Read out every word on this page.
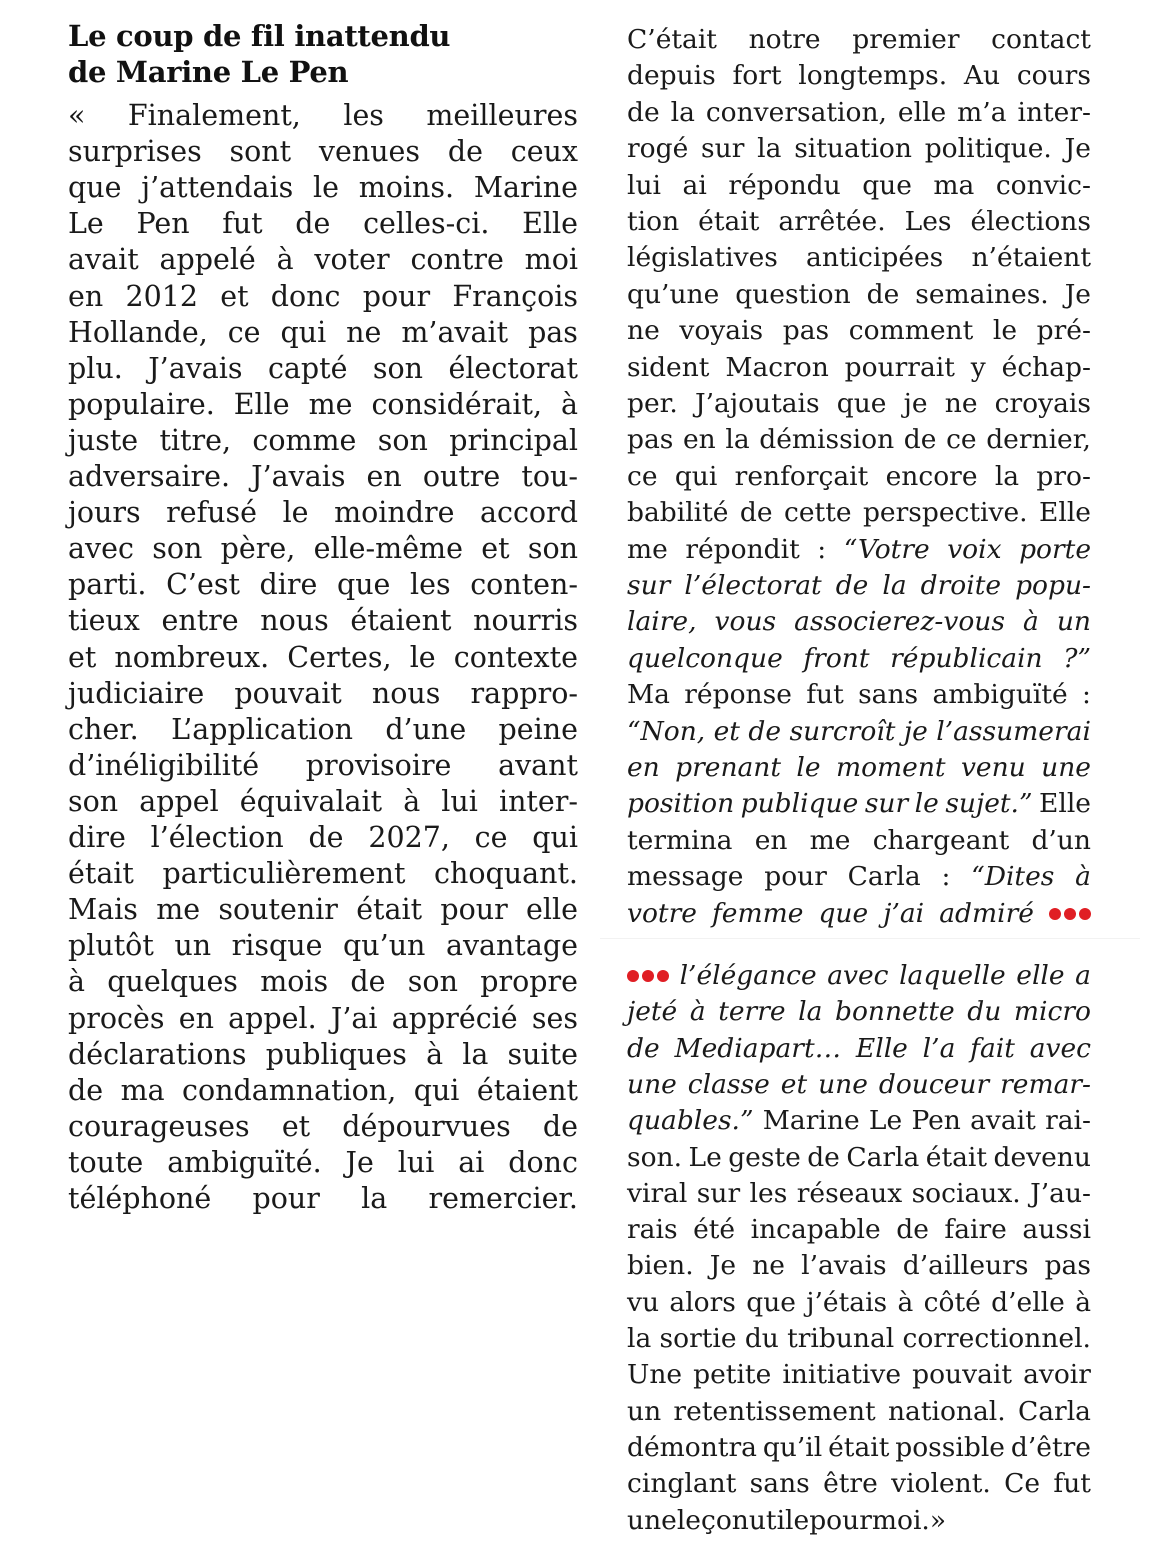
Le coup de fil inattendu
de Marine Le Pen
« Finalement, les meilleures
surprises sont venues de ceux
que j’attendais le moins. Marine
Le Pen fut de celles-ci. Elle
avait appelé à voter contre moi
en 2012 et donc pour François
Hollande, ce qui ne m’avait pas
plu. J’avais capté son électorat
populaire. Elle me considérait, à
juste titre, comme son principal
adversaire. J’avais en outre tou-
jours refusé le moindre accord
avec son père, elle-même et son
parti. C’est dire que les conten-
tieux entre nous étaient nourris
et nombreux. Certes, le contexte
judiciaire pouvait nous rappro-
cher. L’application d’une peine
d’inéligibilité provisoire avant
son appel équivalait à lui inter-
dire l’élection de 2027, ce qui
était particulièrement choquant.
Mais me soutenir était pour elle
plutôt un risque qu’un avantage
à quelques mois de son propre
procès en appel. J’ai apprécié ses
déclarations publiques à la suite
de ma condamnation, qui étaient
courageuses et dépourvues de
toute ambiguïté. Je lui ai donc
téléphoné pour la remercier.
C’était notre premier contact
depuis fort longtemps. Au cours
de la conversation, elle m’a inter-
rogé sur la situation politique. Je
lui ai répondu que ma convic-
tion était arrêtée. Les élections
législatives anticipées n’étaient
qu’une question de semaines. Je
ne voyais pas comment le pré-
sident Macron pourrait y échap-
per. J’ajoutais que je ne croyais
pas en la démission de ce dernier,
ce qui renforçait encore la pro-
babilité de cette perspective. Elle
me répondit : “Votre voix porte
sur l’électorat de la droite popu-
laire, vous associerez-vous à un
quelconque front républicain ?”
Ma réponse fut sans ambiguïté :
“Non, et de surcroît je l’assumerai
en prenant le moment venu une
position publique sur le sujet.” Elle
termina en me chargeant d’un
message pour Carla : “Dites à
votre femme que j’ai admiré
l’élégance avec laquelle elle a
jeté à terre la bonnette du micro
de Mediapart… Elle l’a fait avec
une classe et une douceur remar-
quables.” Marine Le Pen avait rai-
son. Le geste de Carla était devenu
viral sur les réseaux sociaux. J’au-
rais été incapable de faire aussi
bien. Je ne l’avais d’ailleurs pas
vu alors que j’étais à côté d’elle à
la sortie du tribunal correctionnel.
Une petite initiative pouvait avoir
un retentissement national. Carla
démontra qu’il était possible d’être
cinglant sans être violent. Ce fut
une leçon utile pour moi. »
